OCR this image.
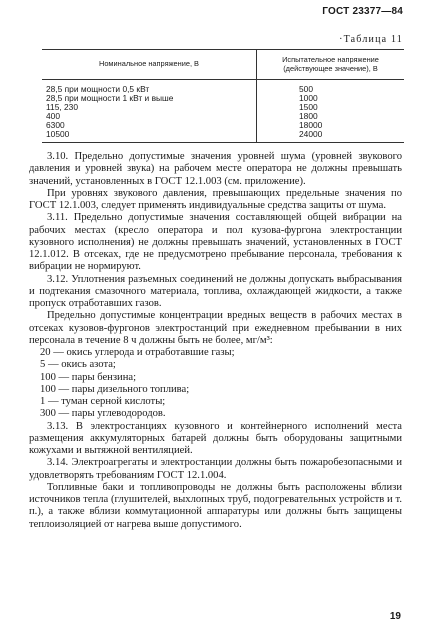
ГОСТ 23377—84
·Таблица 11
Номинальное напряжение, В	Испытательное напряжение (действующее значение), В
28,5 при мощности 0,5 кВт	500
28,5 при мощности 1 кВт и выше	1000
115, 230	1500
400	1800
6300	18000
10500	24000

3.10. Предельно допустимые значения уровней шума (уровней звукового давления и уровней звука) на рабочем месте оператора не должны превышать значений, установленных в ГОСТ 12.1.003 (см. приложение).

При уровнях звукового давления, превышающих предельные значения по ГОСТ 12.1.003, следует применять индивидуальные средства защиты от шума.

3.11. Предельно допустимые значения составляющей общей вибрации на рабочих местах (кресло оператора и пол кузова-фургона электростанции кузовного исполнения) не должны превышать значений, установленных в ГОСТ 12.1.012. В отсеках, где не предусмотрено пребывание персонала, требования к вибрации не нормируют.

3.12. Уплотнения разъемных соединений не должны допускать выбрасывания и подтекания смазочного материала, топлива, охлаждающей жидкости, а также пропуск отработавших газов.

Предельно допустимые концентрации вредных веществ в рабочих местах в отсеках кузовов-фургонов электростанций при ежедневном пребывании в них персонала в течение 8 ч должны быть не более, мг/м³:

20 — окись углерода и отработавшие газы;

5 — окись азота;

100 — пары бензина;

100 — пары дизельного топлива;

1 — туман серной кислоты;

300 — пары углеводородов.

3.13. В электростанциях кузовного и контейнерного исполнений места размещения аккумуляторных батарей должны быть оборудованы защитными кожухами и вытяжной вентиляцией.

3.14. Электроагрегаты и электростанции должны быть пожаробезопасными и удовлетворять требованиям ГОСТ 12.1.004.

Топливные баки и топливопроводы не должны быть расположены вблизи источников тепла (глушителей, выхлопных труб, подогревательных устройств и т. п.), а также вблизи коммутационной аппаратуры или должны быть защищены теплоизоляцией от нагрева выше допустимого.

19
